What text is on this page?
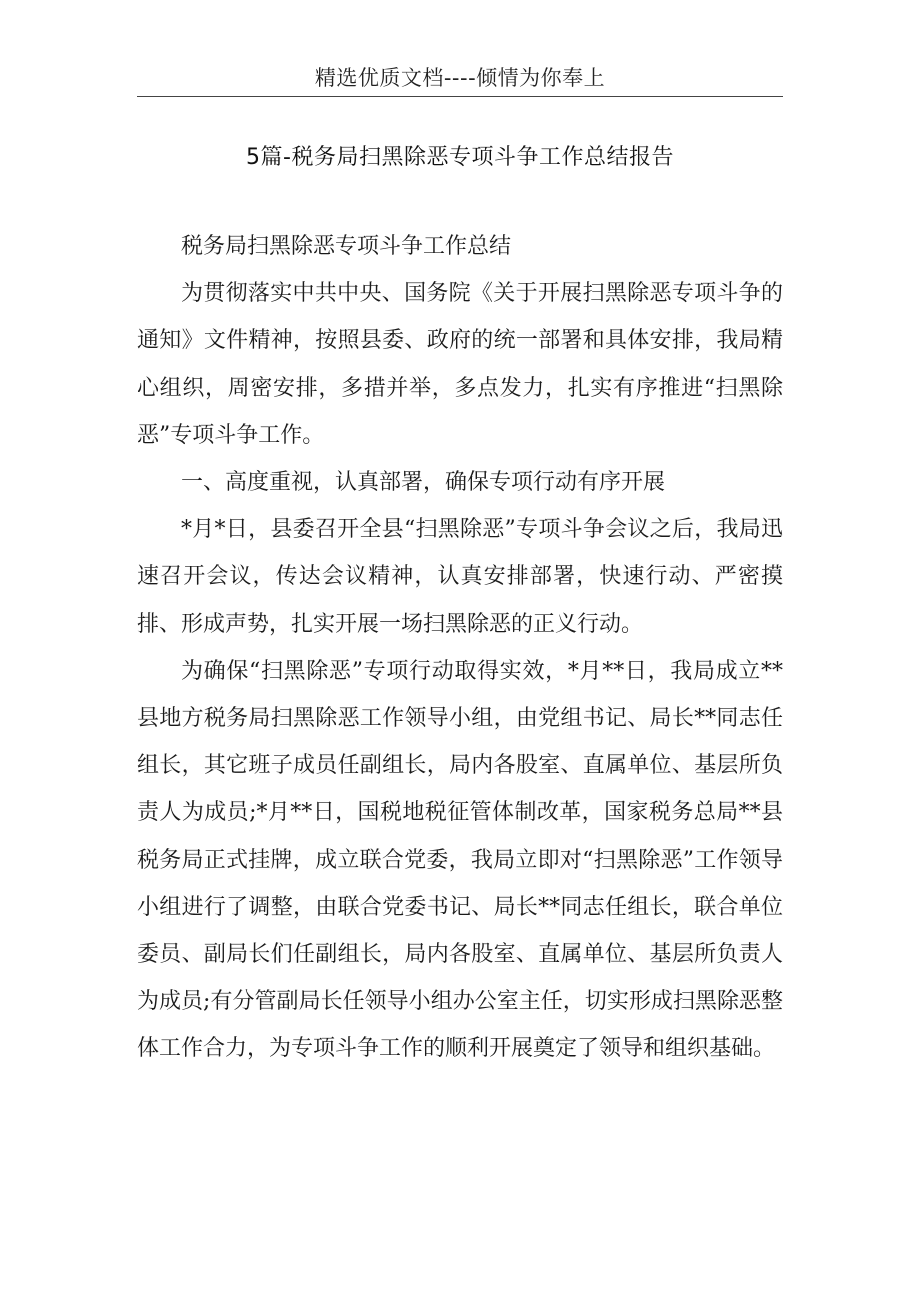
精选优质文档----倾情为你奉上
5篇-税务局扫黑除恶专项斗争工作总结报告

税务局扫黑除恶专项斗争工作总结

为贯彻落实中共中央、国务院《关于开展扫黑除恶专项斗争的通知》文件精神，按照县委、政府的统一部署和具体安排，我局精心组织，周密安排，多措并举，多点发力，扎实有序推进“扫黑除恶”专项斗争工作。

一、高度重视，认真部署，确保专项行动有序开展

*月*日，县委召开全县“扫黑除恶”专项斗争会议之后，我局迅速召开会议，传达会议精神，认真安排部署，快速行动、严密摸排、形成声势，扎实开展一场扫黑除恶的正义行动。

为确保“扫黑除恶”专项行动取得实效，*月**日，我局成立**县地方税务局扫黑除恶工作领导小组，由党组书记、局长**同志任组长，其它班子成员任副组长，局内各股室、直属单位、基层所负责人为成员;*月**日，国税地税征管体制改革，国家税务总局**县税务局正式挂牌，成立联合党委，我局立即对“扫黑除恶”工作领导小组进行了调整，由联合党委书记、局长**同志任组长，联合单位委员、副局长们任副组长，局内各股室、直属单位、基层所负责人为成员;有分管副局长任领导小组办公室主任，切实形成扫黑除恶整体工作合力，为专项斗争工作的顺利开展奠定了领导和组织基础。
